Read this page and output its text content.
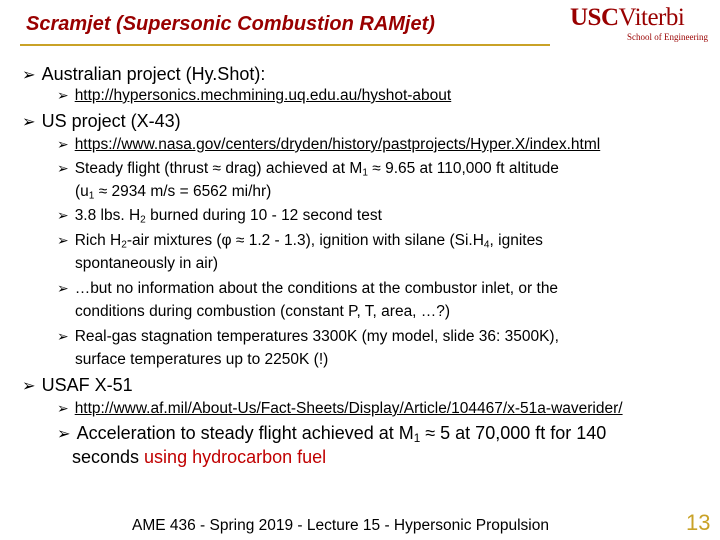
Scramjet (Supersonic Combustion RAMjet)	USCViterbi
School of Engineering
➢ Australian project (Hy.Shot):
➢ http://hypersonics.mechmining.uq.edu.au/hyshot-about
➢ US project (X-43)
➢ https://www.nasa.gov/centers/dryden/history/pastprojects/Hyper.X/index.html
➢ Steady flight (thrust ≈ drag) achieved at $M_1 \approx 9.65$ at 110,000 ft altitude
($u_1 \approx 2934$ m/s = 6562 mi/hr)
➢ 3.8 lbs. $H_2$ burned during 10 - 12 second test
➢ Rich $H_2$-air mixtures (φ ≈ 1.2 - 1.3), ignition with silane ($Si.H_4$, ignites
spontaneously in air)
➢ …but no information about the conditions at the combustor inlet, or the
conditions during combustion (constant P, T, area, …?)
➢ Real-gas stagnation temperatures 3300K (my model, slide 36: 3500K),
surface temperatures up to 2250K (!)
➢ USAF X-51
➢ http://www.af.mil/About-Us/Fact-Sheets/Display/Article/104467/x-51a-waverider/
➢ Acceleration to steady flight achieved at $M_1 \approx 5$ at 70,000 ft for 140
seconds using hydrocarbon fuel
AME 436 - Spring 2019 - Lecture 15 - Hypersonic Propulsion	13
